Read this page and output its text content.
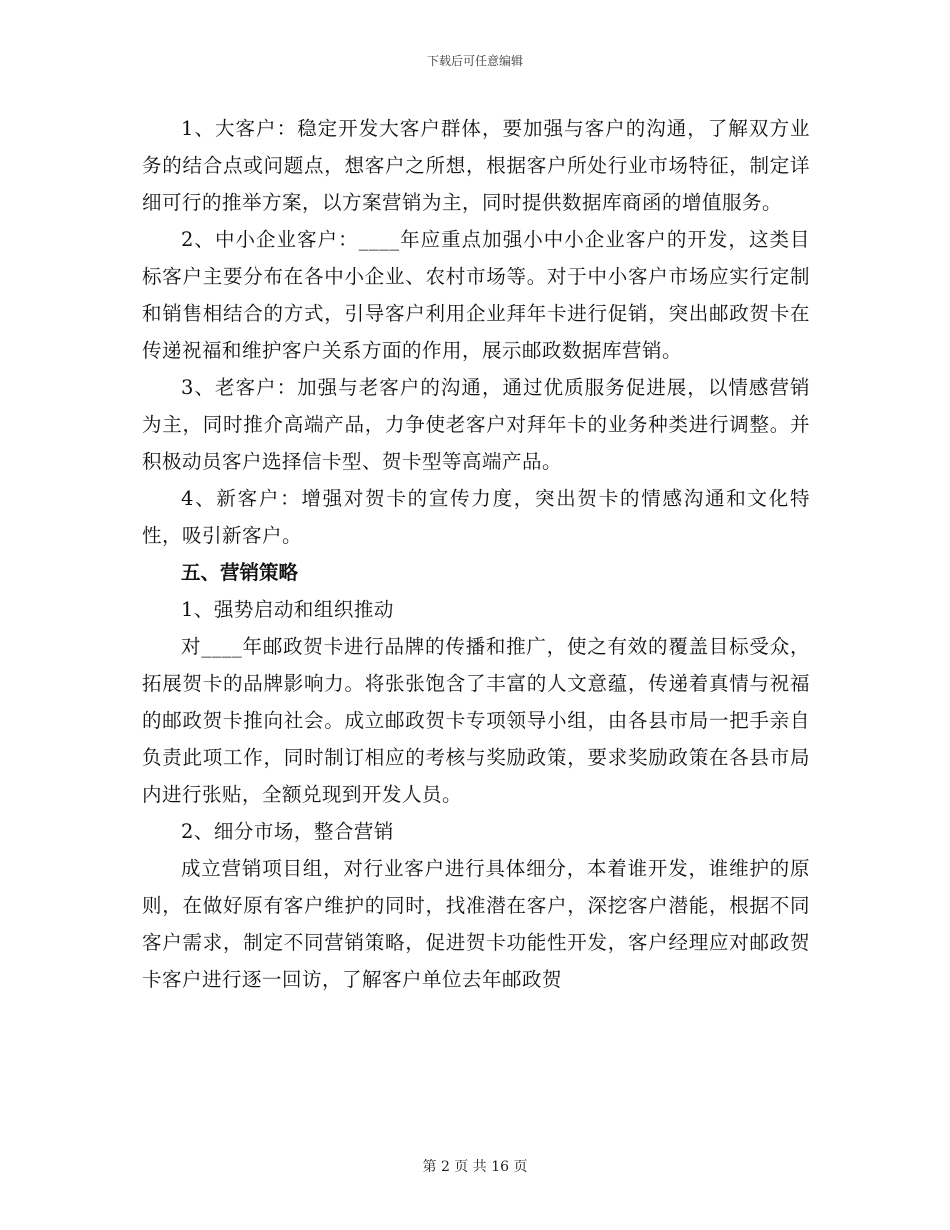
下载后可任意编辑

1、大客户：稳定开发大客户群体，要加强与客户的沟通，了解双方业务的结合点或问题点，想客户之所想，根据客户所处行业市场特征，制定详细可行的推举方案，以方案营销为主，同时提供数据库商函的增值服务。

2、中小企业客户：____年应重点加强小中小企业客户的开发，这类目标客户主要分布在各中小企业、农村市场等。对于中小客户市场应实行定制和销售相结合的方式，引导客户利用企业拜年卡进行促销，突出邮政贺卡在传递祝福和维护客户关系方面的作用，展示邮政数据库营销。

3、老客户：加强与老客户的沟通，通过优质服务促进展，以情感营销为主，同时推介高端产品，力争使老客户对拜年卡的业务种类进行调整。并积极动员客户选择信卡型、贺卡型等高端产品。

4、新客户：增强对贺卡的宣传力度，突出贺卡的情感沟通和文化特性，吸引新客户。

五、营销策略

1、强势启动和组织推动

对____年邮政贺卡进行品牌的传播和推广，使之有效的覆盖目标受众，拓展贺卡的品牌影响力。将张张饱含了丰富的人文意蕴，传递着真情与祝福的邮政贺卡推向社会。成立邮政贺卡专项领导小组，由各县市局一把手亲自负责此项工作，同时制订相应的考核与奖励政策，要求奖励政策在各县市局内进行张贴，全额兑现到开发人员。

2、细分市场，整合营销

成立营销项目组，对行业客户进行具体细分，本着谁开发，谁维护的原则，在做好原有客户维护的同时，找准潜在客户，深挖客户潜能，根据不同客户需求，制定不同营销策略，促进贺卡功能性开发，客户经理应对邮政贺卡客户进行逐一回访，了解客户单位去年邮政贺

第 2 页 共 16 页
